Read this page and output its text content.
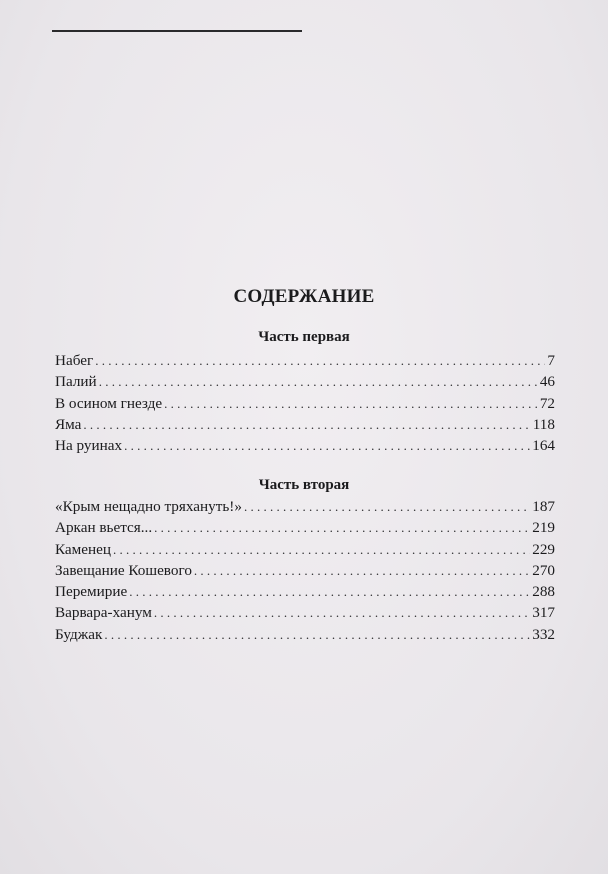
СОДЕРЖАНИЕ
Часть первая
Набег . . .	7
Палий . . .	46
В осином гнезде . . .	72
Яма . . .	118
На руинах . . .	164
Часть вторая
«Крым нещадно тряхануть!» . . .	187
Аркан вьется... . . .	219
Каменец . . .	229
Завещание Кошевого . . .	270
Перемирие . . .	288
Варвара-ханум . . .	317
Буджак . . .	332
